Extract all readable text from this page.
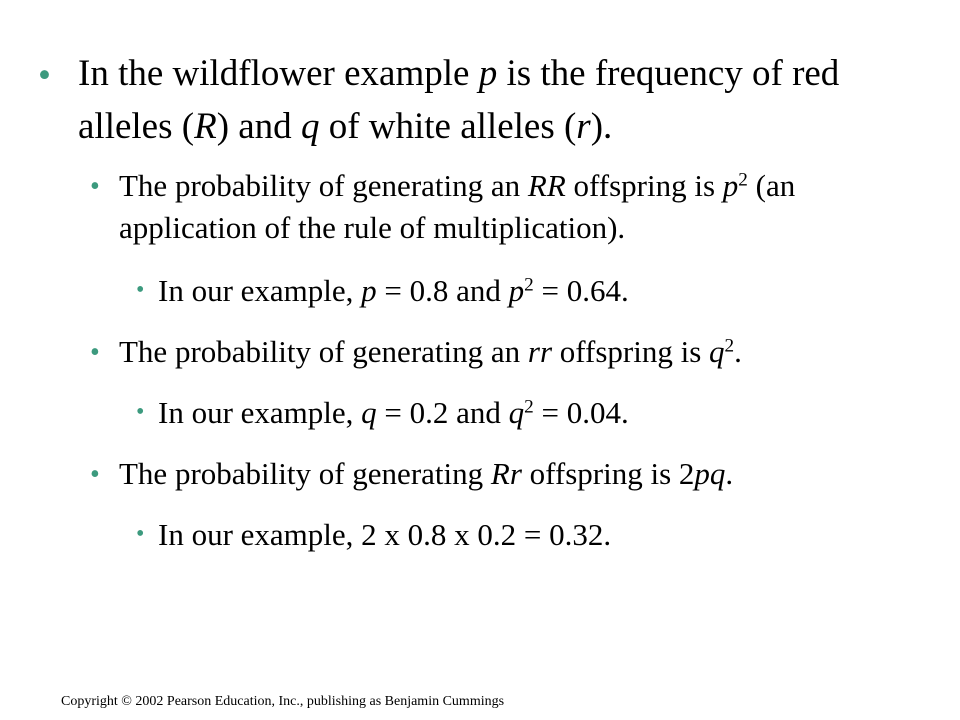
• In the wildflower example p is the frequency of red
alleles (R) and q of white alleles (r).
• The probability of generating an RR offspring is $p^2$ (an
application of the rule of multiplication).
• In our example, p = 0.8 and $p^2 = 0.64$.
• The probability of generating an rr offspring is $q^2$.
• In our example, q = 0.2 and $q^2 = 0.04$.
• The probability of generating Rr offspring is 2pq.
• In our example, 2 x 0.8 x 0.2 = 0.32.
Copyright © 2002 Pearson Education, Inc., publishing as Benjamin Cummings
